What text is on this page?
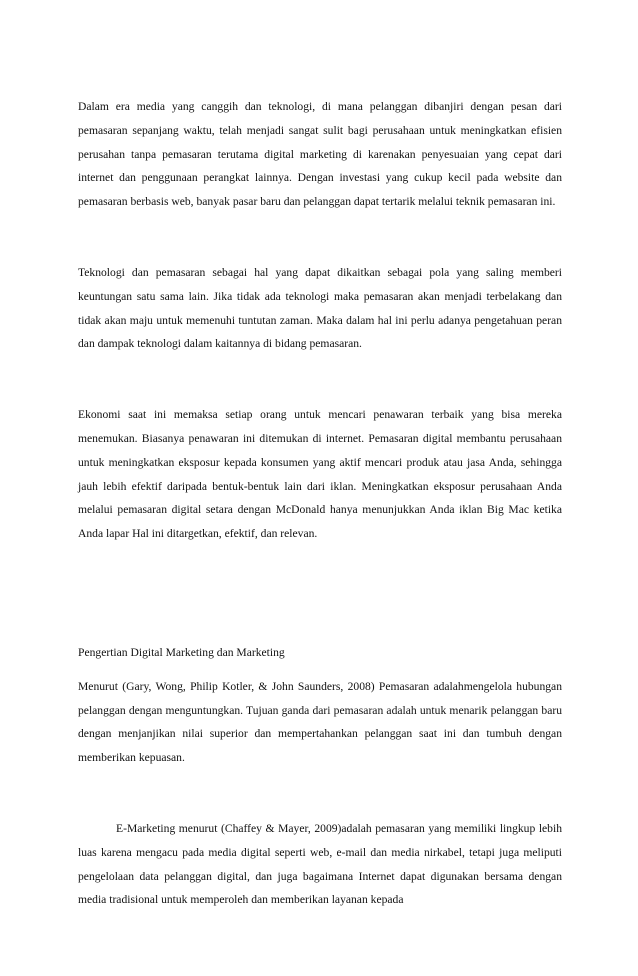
Dalam era media yang canggih dan teknologi, di mana pelanggan dibanjiri dengan pesan dari pemasaran sepanjang waktu, telah menjadi sangat sulit bagi perusahaan untuk meningkatkan efisien perusahan tanpa pemasaran terutama digital marketing di karenakan penyesuaian yang cepat dari internet dan penggunaan perangkat lainnya. Dengan investasi yang cukup kecil pada website dan pemasaran berbasis web, banyak pasar baru dan pelanggan dapat tertarik melalui teknik pemasaran ini.

Teknologi dan pemasaran sebagai hal yang dapat dikaitkan sebagai pola yang saling memberi keuntungan satu sama lain. Jika tidak ada teknologi maka pemasaran akan menjadi terbelakang dan tidak akan maju untuk memenuhi tuntutan zaman. Maka dalam hal ini perlu adanya pengetahuan peran dan dampak teknologi dalam kaitannya di bidang pemasaran.

Ekonomi saat ini memaksa setiap orang untuk mencari penawaran terbaik yang bisa mereka menemukan. Biasanya penawaran ini ditemukan di internet. Pemasaran digital membantu perusahaan untuk meningkatkan eksposur kepada konsumen yang aktif mencari produk atau jasa Anda, sehingga jauh lebih efektif daripada bentuk-bentuk lain dari iklan. Meningkatkan eksposur perusahaan Anda melalui pemasaran digital setara dengan McDonald hanya menunjukkan Anda iklan Big Mac ketika Anda lapar Hal ini ditargetkan, efektif, dan relevan.

Pengertian Digital Marketing dan Marketing

Menurut (Gary, Wong, Philip Kotler, & John Saunders, 2008) Pemasaran adalahmengelola hubungan pelanggan dengan menguntungkan. Tujuan ganda dari pemasaran adalah untuk menarik pelanggan baru dengan menjanjikan nilai superior dan mempertahankan pelanggan saat ini dan tumbuh dengan memberikan kepuasan.

E-Marketing menurut (Chaffey & Mayer, 2009)adalah pemasaran yang memiliki lingkup lebih luas karena mengacu pada media digital seperti web, e-mail dan media nirkabel, tetapi juga meliputi pengelolaan data pelanggan digital, dan juga bagaimana Internet dapat digunakan bersama dengan media tradisional untuk memperoleh dan memberikan layanan kepada
